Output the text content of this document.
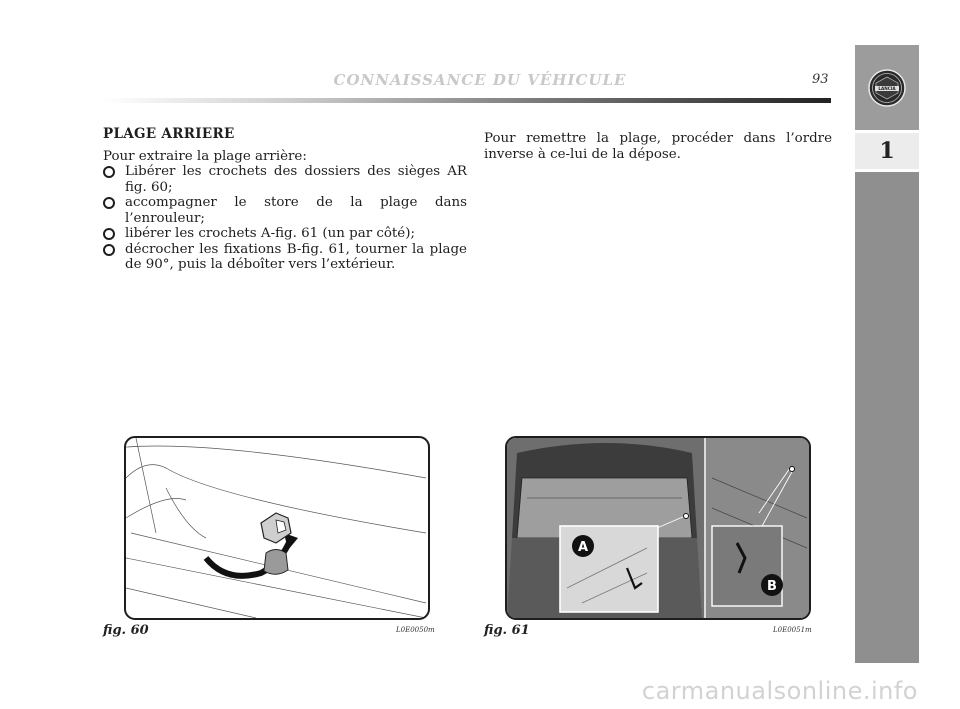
CONNAISSANCE DU VÉHICULE	93
LANCIA
1
PLAGE ARRIERE

Pour extraire la plage arrière:

Libérer les crochets des dossiers des sièges AR fig. 60;
accompagner le store de la plage dans l’enrouleur;
libérer les crochets A-fig. 61 (un par côté);
décrocher les fixations B-fig. 61, tourner la plage de 90°, puis la déboîter vers l’extérieur.

Pour remettre la plage, procéder dans l’ordre inverse à ce-lui de la dépose.

fig. 60	L0E0050m
A
B
fig. 61	L0E0051m
carmanualsonline.info
